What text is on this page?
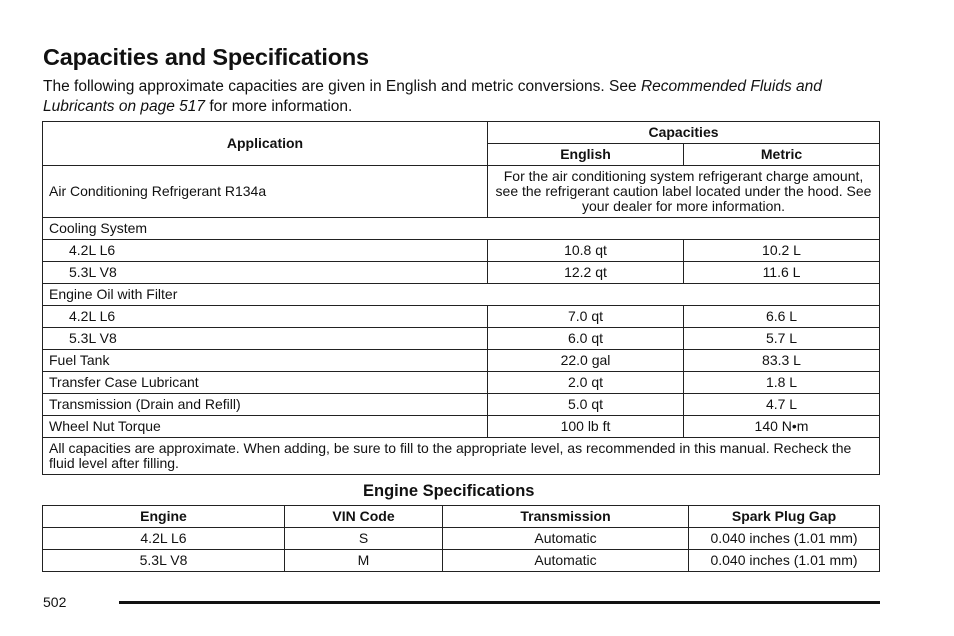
Capacities and Specifications

The following approximate capacities are given in English and metric conversions. See Recommended Fluids and Lubricants on page 517 for more information.

Application	Capacities	
	English	Metric
Air Conditioning Refrigerant R134a	For the air conditioning system refrigerant charge amount, see the refrigerant caution label located under the hood. See your dealer for more information.	
Cooling System		
4.2L L6	10.8 qt	10.2 L
5.3L V8	12.2 qt	11.6 L
Engine Oil with Filter		
4.2L L6	7.0 qt	6.6 L
5.3L V8	6.0 qt	5.7 L
Fuel Tank	22.0 gal	83.3 L
Transfer Case Lubricant	2.0 qt	1.8 L
Transmission (Drain and Refill)	5.0 qt	4.7 L
Wheel Nut Torque	100 lb ft	140 N•m
All capacities are approximate. When adding, be sure to fill to the appropriate level, as recommended in this manual. Recheck the fluid level after filling.		
Engine Specifications
Engine	VIN Code	Transmission	Spark Plug Gap
4.2L L6	S	Automatic	0.040 inches (1.01 mm)
5.3L V8	M	Automatic	0.040 inches (1.01 mm)
502
